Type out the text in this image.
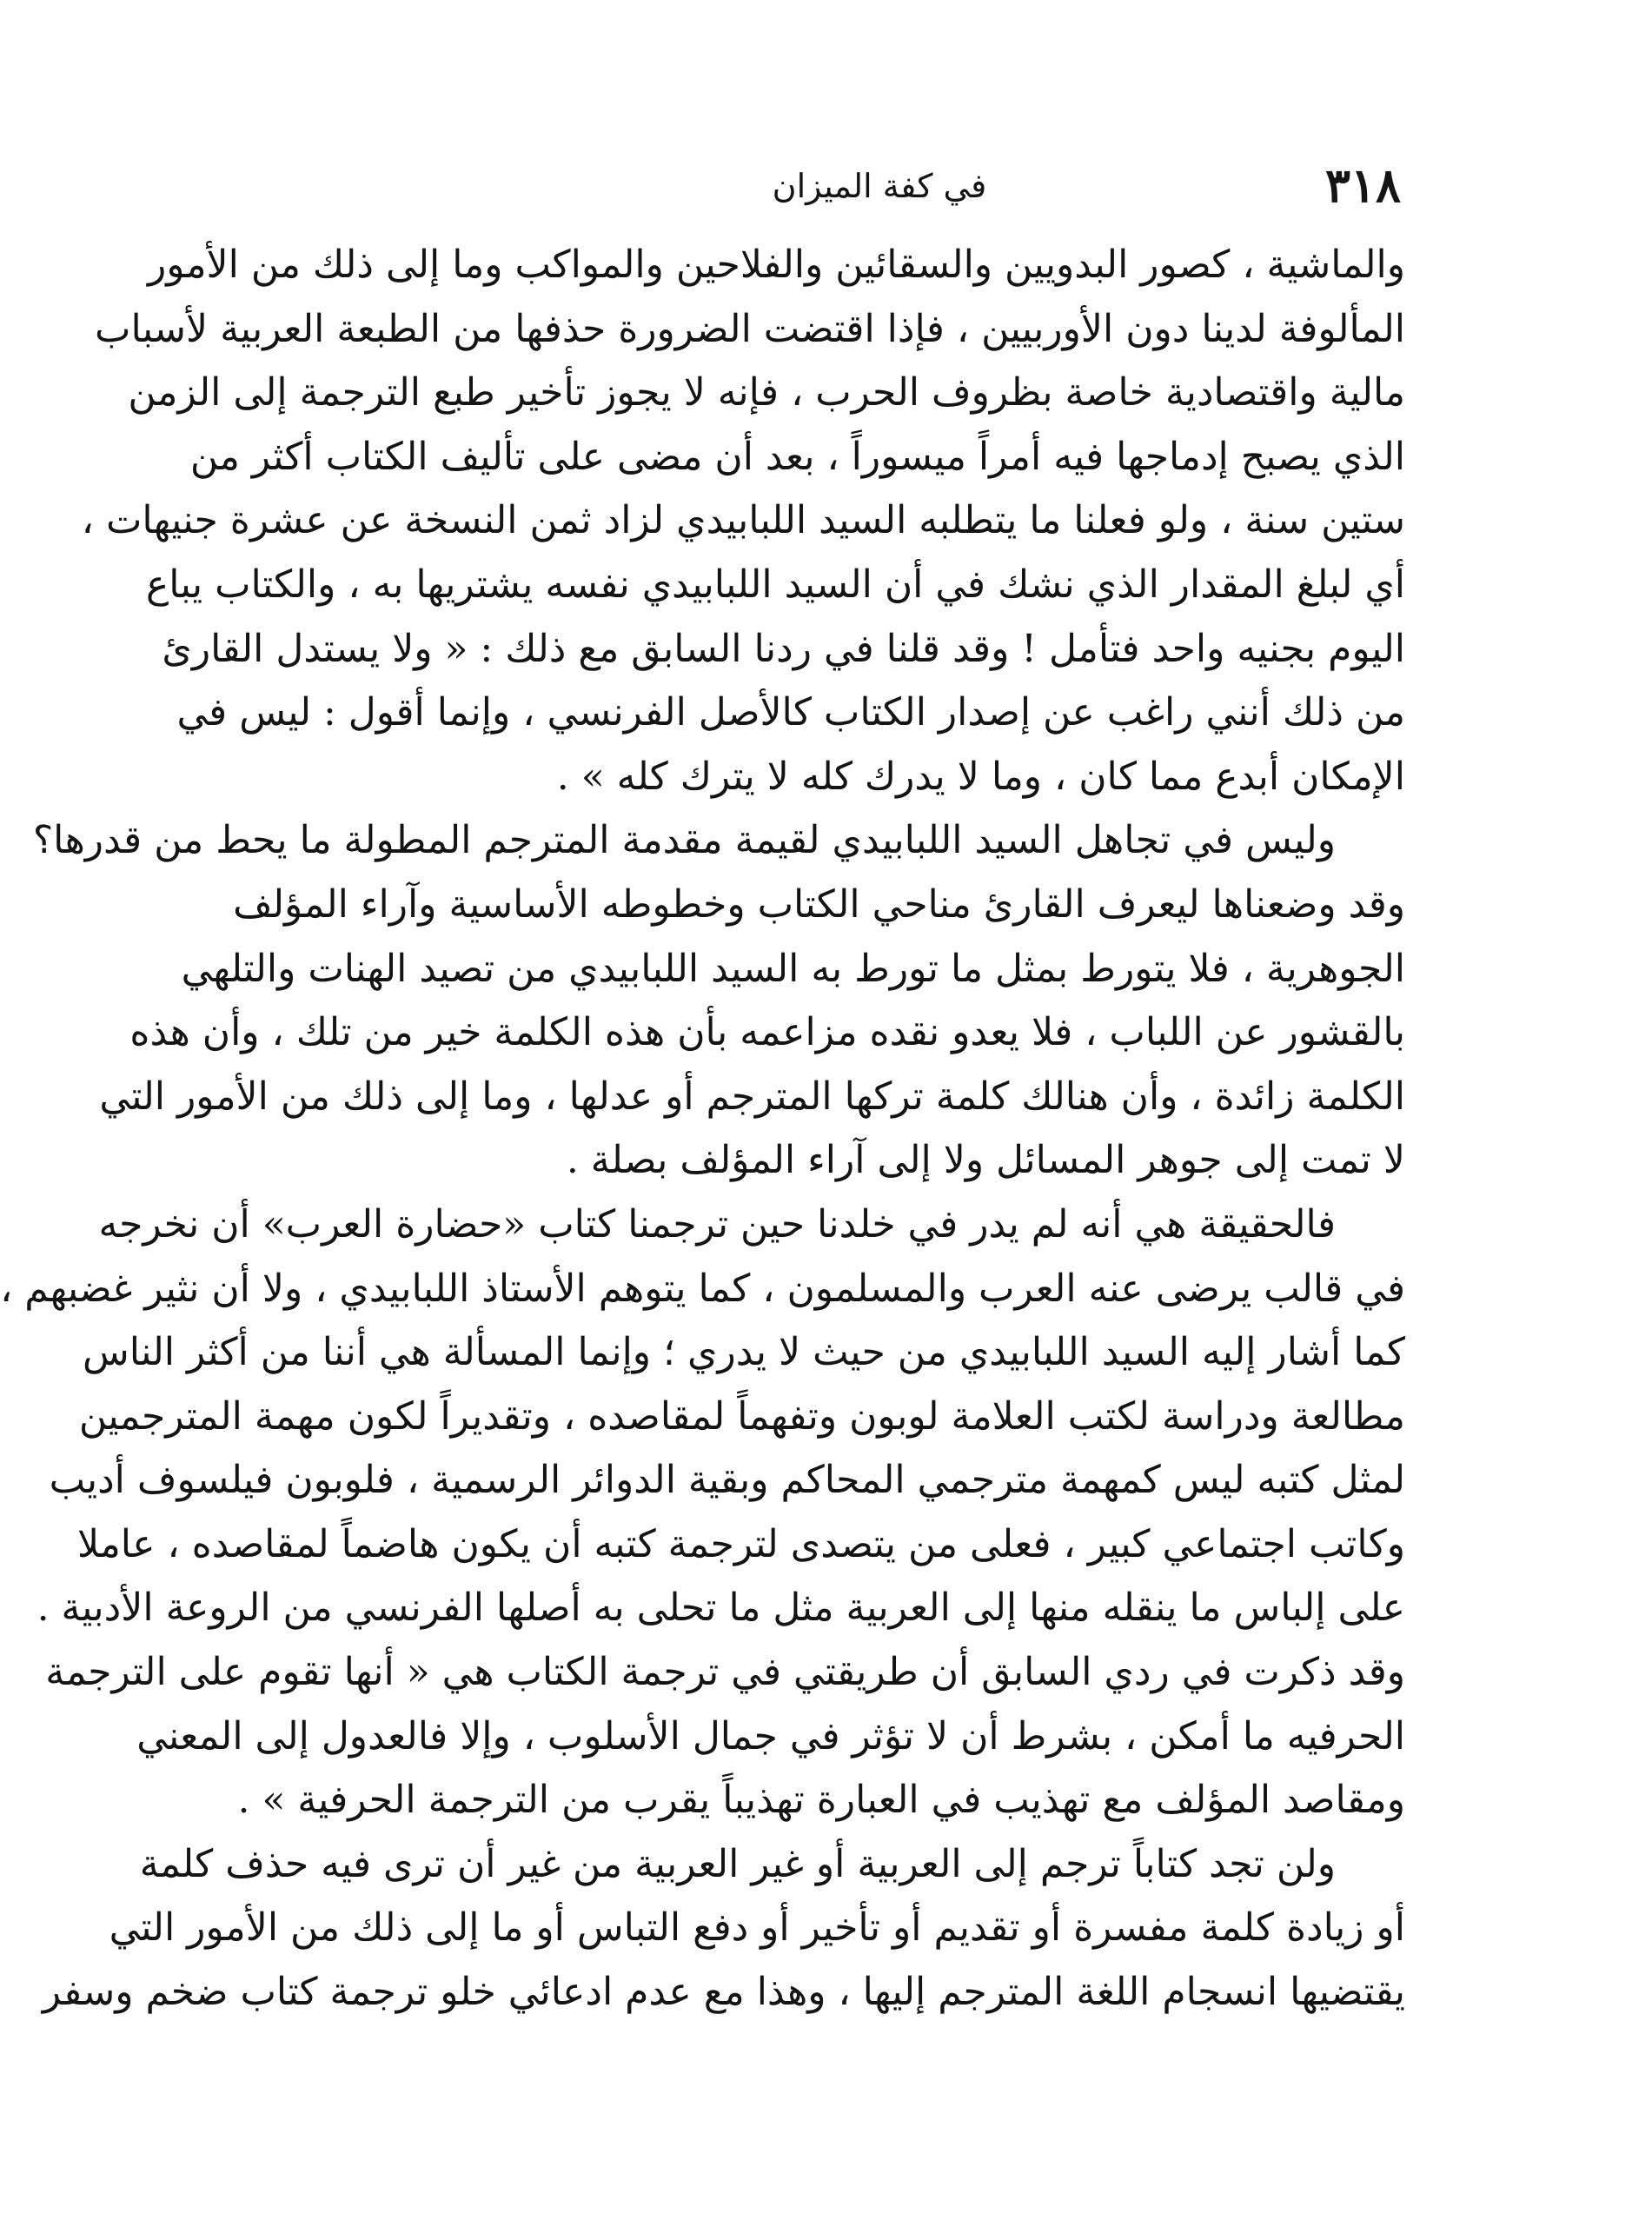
٣١٨
في كفة الميزان
والماشية ، كصور البدويين والسقائين والفلاحين والمواكب وما إلى ذلك من الأمور
المألوفة لدينا دون الأوربيين ، فإذا اقتضت الضرورة حذفها من الطبعة العربية لأسباب
مالية واقتصادية خاصة بظروف الحرب ، فإنه لا يجوز تأخير طبع الترجمة إلى الزمن
الذي يصبح إدماجها فيه أمراً ميسوراً ، بعد أن مضى على تأليف الكتاب أكثر من
ستين سنة ، ولو فعلنا ما يتطلبه السيد اللبابيدي لزاد ثمن النسخة عن عشرة جنيهات ،
أي لبلغ المقدار الذي نشك في أن السيد اللبابيدي نفسه يشتريها به ، والكتاب يباع
اليوم بجنيه واحد فتأمل ! وقد قلنا في ردنا السابق مع ذلك : « ولا يستدل القارئ
من ذلك أنني راغب عن إصدار الكتاب كالأصل الفرنسي ، وإنما أقول : ليس في
الإمكان أبدع مما كان ، وما لا يدرك كله لا يترك كله » .
وليس في تجاهل السيد اللبابيدي لقيمة مقدمة المترجم المطولة ما يحط من قدرها؟
وقد وضعناها ليعرف القارئ مناحي الكتاب وخطوطه الأساسية وآراء المؤلف
الجوهرية ، فلا يتورط بمثل ما تورط به السيد اللبابيدي من تصيد الهنات والتلهي
بالقشور عن اللباب ، فلا يعدو نقده مزاعمه بأن هذه الكلمة خير من تلك ، وأن هذه
الكلمة زائدة ، وأن هنالك كلمة تركها المترجم أو عدلها ، وما إلى ذلك من الأمور التي
لا تمت إلى جوهر المسائل ولا إلى آراء المؤلف بصلة .
فالحقيقة هي أنه لم يدر في خلدنا حين ترجمنا كتاب «حضارة العرب» أن نخرجه
في قالب يرضى عنه العرب والمسلمون ، كما يتوهم الأستاذ اللبابيدي ، ولا أن نثير غضبهم ،
كما أشار إليه السيد اللبابيدي من حيث لا يدري ؛ وإنما المسألة هي أننا من أكثر الناس
مطالعة ودراسة لكتب العلامة لوبون وتفهماً لمقاصده ، وتقديراً لكون مهمة المترجمين
لمثل كتبه ليس كمهمة مترجمي المحاكم وبقية الدوائر الرسمية ، فلوبون فيلسوف أديب
وكاتب اجتماعي كبير ، فعلى من يتصدى لترجمة كتبه أن يكون هاضماً لمقاصده ، عاملا
على إلباس ما ينقله منها إلى العربية مثل ما تحلى به أصلها الفرنسي من الروعة الأدبية .
وقد ذكرت في ردي السابق أن طريقتي في ترجمة الكتاب هي « أنها تقوم على الترجمة
الحرفيه ما أمكن ، بشرط أن لا تؤثر في جمال الأسلوب ، وإلا فالعدول إلى المعني
ومقاصد المؤلف مع تهذيب في العبارة تهذيباً يقرب من الترجمة الحرفية » .
ولن تجد كتاباً ترجم إلى العربية أو غير العربية من غير أن ترى فيه حذف كلمة
أو زيادة كلمة مفسرة أو تقديم أو تأخير أو دفع التباس أو ما إلى ذلك من الأمور التي
يقتضيها انسجام اللغة المترجم إليها ، وهذا مع عدم ادعائي خلو ترجمة كتاب ضخم وسفر
